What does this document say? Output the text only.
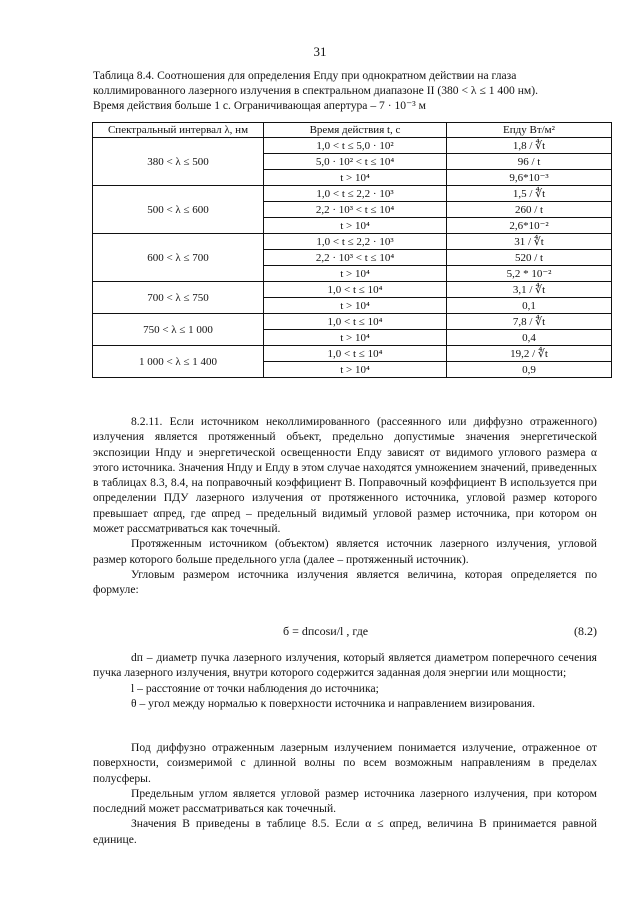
31
Таблица 8.4. Соотношения для определения Eпду при однократном действии на глаза
коллимированного лазерного излучения в спектральном диапазоне II (380 < λ ≤ 1 400 нм).
Время действия больше 1 с. Ограничивающая апертура – 7 · 10⁻³ м
Спектральный интервал λ, нм	Время действия t, с	Eпду Вт/м²
380 < λ ≤ 500	1,0 < t ≤ 5,0 · 10²	1,8 / ∜t
	5,0 · 10² < t ≤ 10⁴	96 / t
	t > 10⁴	9,6*10⁻³
500 < λ ≤ 600	1,0 < t ≤ 2,2 · 10³	1,5 / ∜t
	2,2 · 10³ < t ≤ 10⁴	260 / t
	t > 10⁴	2,6*10⁻²
600 < λ ≤ 700	1,0 < t ≤ 2,2 · 10³	31 / ∜t
	2,2 · 10³ < t ≤ 10⁴	520 / t
	t > 10⁴	5,2 * 10⁻²
700 < λ ≤ 750	1,0 < t ≤ 10⁴	3,1 / ∜t
	t > 10⁴	0,1
750 < λ ≤ 1 000	1,0 < t ≤ 10⁴	7,8 / ∜t
	t > 10⁴	0,4
1 000 < λ ≤ 1 400	1,0 < t ≤ 10⁴	19,2 / ∜t
	t > 10⁴	0,9

8.2.11. Если источником неколлимированного (рассеянного или диффузно отраженного) излучения является протяженный объект, предельно допустимые значения энергетической экспозиции Hпду и энергетической освещенности Eпду зависят от видимого углового размера α этого источника. Значения Hпду и Eпду в этом случае находятся умножением значений, приведенных в таблицах 8.3, 8.4, на поправочный коэффициент B. Поправочный коэффициент B используется при определении ПДУ лазерного излучения от протяженного источника, угловой размер которого превышает αпред, где αпред – предельный видимый угловой размер источника, при котором он может рассматриваться как точечный.

Протяженным источником (объектом) является источник лазерного излучения, угловой размер которого больше предельного угла (далее – протяженный источник).

Угловым размером источника излучения является величина, которая определяется по формуле:

б = dпcosи/l , где	(8.2)

dп – диаметр пучка лазерного излучения, который является диаметром поперечного сечения пучка лазерного излучения, внутри которого содержится заданная доля энергии или мощности;

l – расстояние от точки наблюдения до источника;

θ – угол между нормалью к поверхности источника и направлением визирования.

Под диффузно отраженным лазерным излучением понимается излучение, отраженное от поверхности, соизмеримой с длинной волны по всем возможным направлениям в пределах полусферы.

Предельным углом является угловой размер источника лазерного излучения, при котором последний может рассматриваться как точечный.

Значения B приведены в таблице 8.5. Если α ≤ αпред, величина B принимается равной единице.
